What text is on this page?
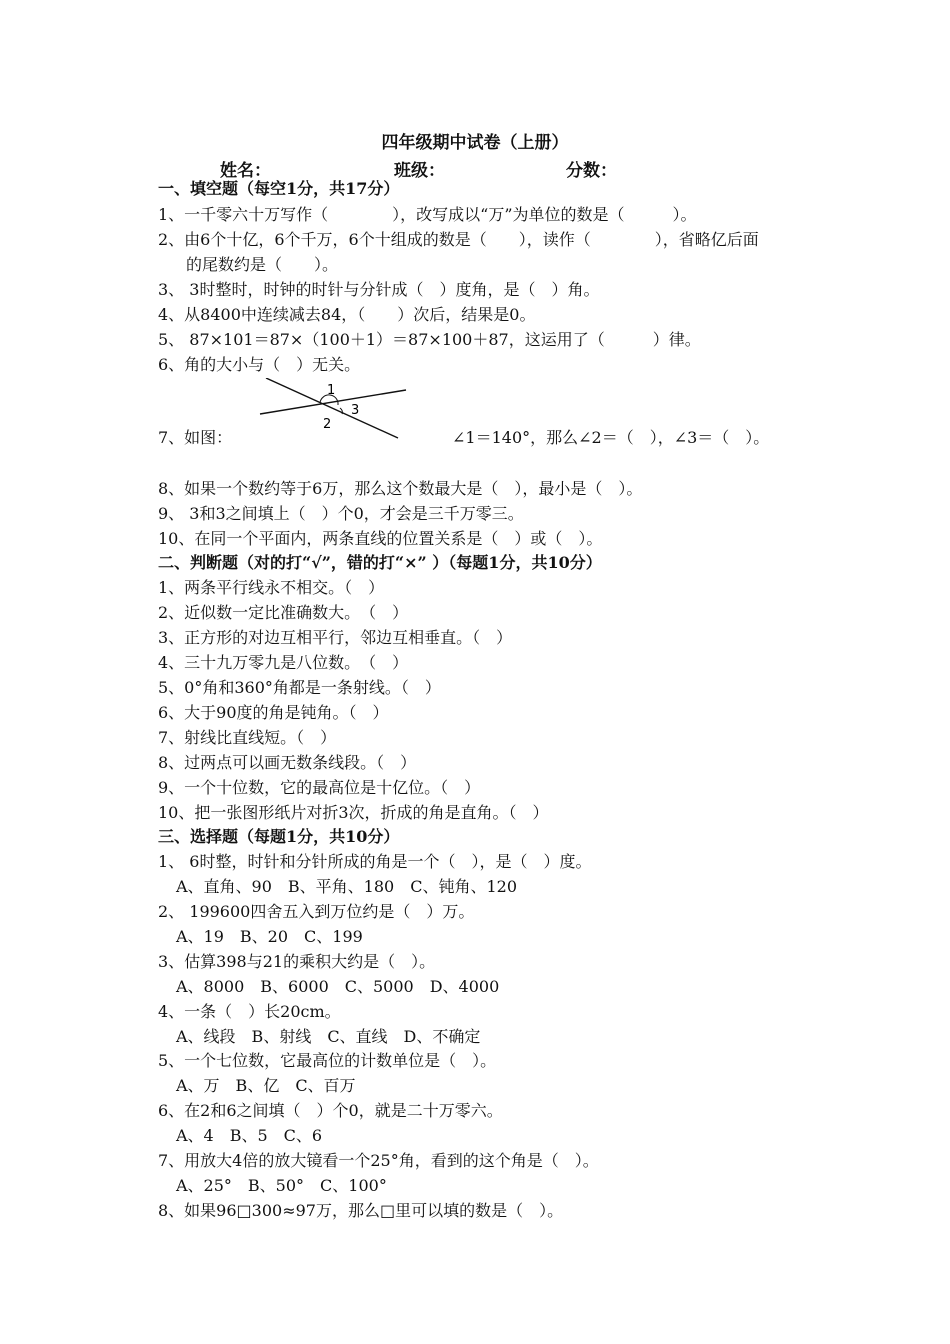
四年级期中试卷（上册）
姓名：	班级：	分数：
一、填空题（每空1分，共17分）
1、一千零六十万写作（　　　　），改写成以“万”为单位的数是（　　　）。
2、由6个十亿，6个千万，6个十组成的数是（　　），读作（　　　　），省略亿后面
的尾数约是（　　）。
3、 3时整时，时钟的时针与分针成（　）度角，是（　）角。
4、从8400中连续减去84，（　　）次后，结果是0。
5、 87×101＝87×（100＋1）＝87×100＋87，这运用了（　　　）律。
6、角的大小与（　）无关。
1
2
3
7、如图：	∠1＝140°，那么∠2＝（　），∠3＝（　）。
8、如果一个数约等于6万，那么这个数最大是（　），最小是（　）。
9、 3和3之间填上（　）个0，才会是三千万零三。
10、在同一个平面内，两条直线的位置关系是（　）或（　）。
二、判断题（对的打“√”，错的打“×” ）（每题1分，共10分）
1、两条平行线永不相交。（　）
2、近似数一定比准确数大。　（　）
3、正方形的对边互相平行，邻边互相垂直。（　）
4、三十九万零九是八位数。　（　）
5、0°角和360°角都是一条射线。（　）
6、大于90度的角是钝角。（　）
7、射线比直线短。（　）
8、过两点可以画无数条线段。（　）
9、一个十位数，它的最高位是十亿位。（　）
10、把一张图形纸片对折3次，折成的角是直角。（　）
三、选择题（每题1分，共10分）
1、 6时整，时针和分针所成的角是一个（　），是（　）度。
A、直角、90　B、平角、180　C、钝角、120
2、 199600四舍五入到万位约是（　）万。
A、19　B、20　C、199
3、估算398与21的乘积大约是（　）。
A、8000　B、6000　C、5000　D、4000
4、一条（　）长20cm。
A、线段　B、射线　C、直线　D、不确定
5、一个七位数，它最高位的计数单位是（　）。
A、万　B、亿　C、百万
6、在2和6之间填（　）个0，就是二十万零六。
A、4　B、5　C、6
7、用放大4倍的放大镜看一个25°角，看到的这个角是（　）。
A、25°　B、50°　C、100°
8、如果96□300≈97万，那么□里可以填的数是（　）。
